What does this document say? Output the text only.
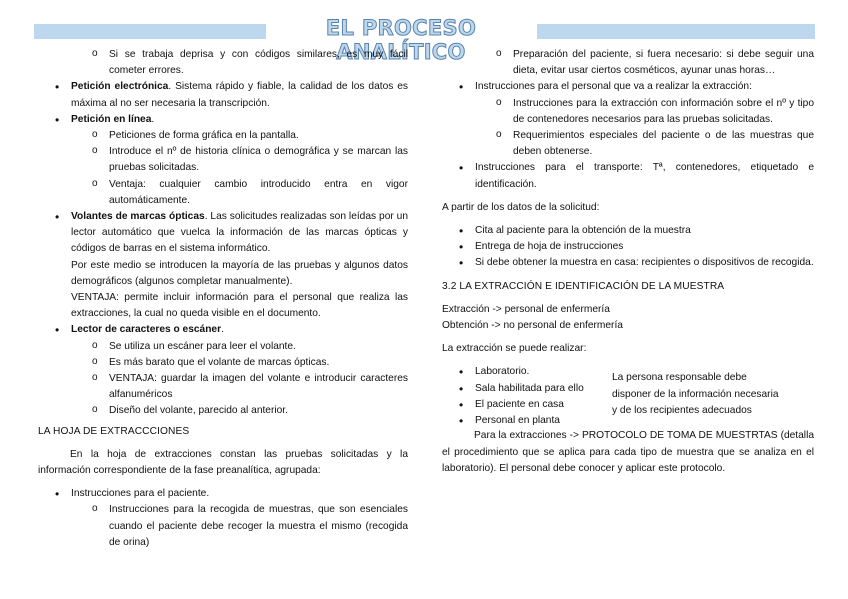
EL PROCESO ANALÍTICO
o Si se trabaja deprisa y con códigos similares, es muy fácil cometer errores.
• Petición electrónica. Sistema rápido y fiable, la calidad de los datos es máxima al no ser necesaria la transcripción.
• Petición en línea.
o Peticiones de forma gráfica en la pantalla.
o Introduce el nº de historia clínica o demográfica y se marcan las pruebas solicitadas.
o Ventaja: cualquier cambio introducido entra en vigor automáticamente.
• Volantes de marcas ópticas. Las solicitudes realizadas son leídas por un lector automático que vuelca la información de las marcas ópticas y códigos de barras en el sistema informático.
Por este medio se introducen la mayoría de las pruebas y algunos datos demográficos (algunos completar manualmente).
VENTAJA: permite incluir información para el personal que realiza las extracciones, la cual no queda visible en el documento.
• Lector de caracteres o escáner.
o Se utiliza un escáner para leer el volante.
o Es más barato que el volante de marcas ópticas.
o VENTAJA: guardar la imagen del volante e introducir caracteres alfanuméricos
o Diseño del volante, parecido al anterior.
LA HOJA DE EXTRACCCIONES
En la hoja de extracciones constan las pruebas solicitadas y la información correspondiente de la fase preanalítica, agrupada:
• Instrucciones para el paciente.
o Instrucciones para la recogida de muestras, que son esenciales cuando el paciente debe recoger la muestra el mismo (recogida de orina)
o Preparación del paciente, si fuera necesario: si debe seguir una dieta, evitar usar ciertos cosméticos, ayunar unas horas…
• Instrucciones para el personal que va a realizar la extracción:
o Instrucciones para la extracción con información sobre el nº y tipo de contenedores necesarios para las pruebas solicitadas.
o Requerimientos especiales del paciente o de las muestras que deben obtenerse.
• Instrucciones para el transporte: Tª, contenedores, etiquetado e identificación.
A partir de los datos de la solicitud:
• Cita al paciente para la obtención de la muestra
• Entrega de hoja de instrucciones
• Si debe obtener la muestra en casa: recipientes o dispositivos de recogida.
3.2 LA EXTRACCIÓN E IDENTIFICACIÓN DE LA MUESTRA
Extracción -> personal de enfermería
Obtención -> no personal de enfermería
La extracción se puede realizar:
• Laboratorio.
• Sala habilitada para ello
• El paciente en casa
• Personal en planta
La persona responsable debe
disponer de la información necesaria
y de los recipientes adecuados
Para la extracciones -> PROTOCOLO DE TOMA DE MUESTRTAS (detalla el procedimiento que se aplica para cada tipo de muestra que se analiza en el laboratorio). El personal debe conocer y aplicar este protocolo.
